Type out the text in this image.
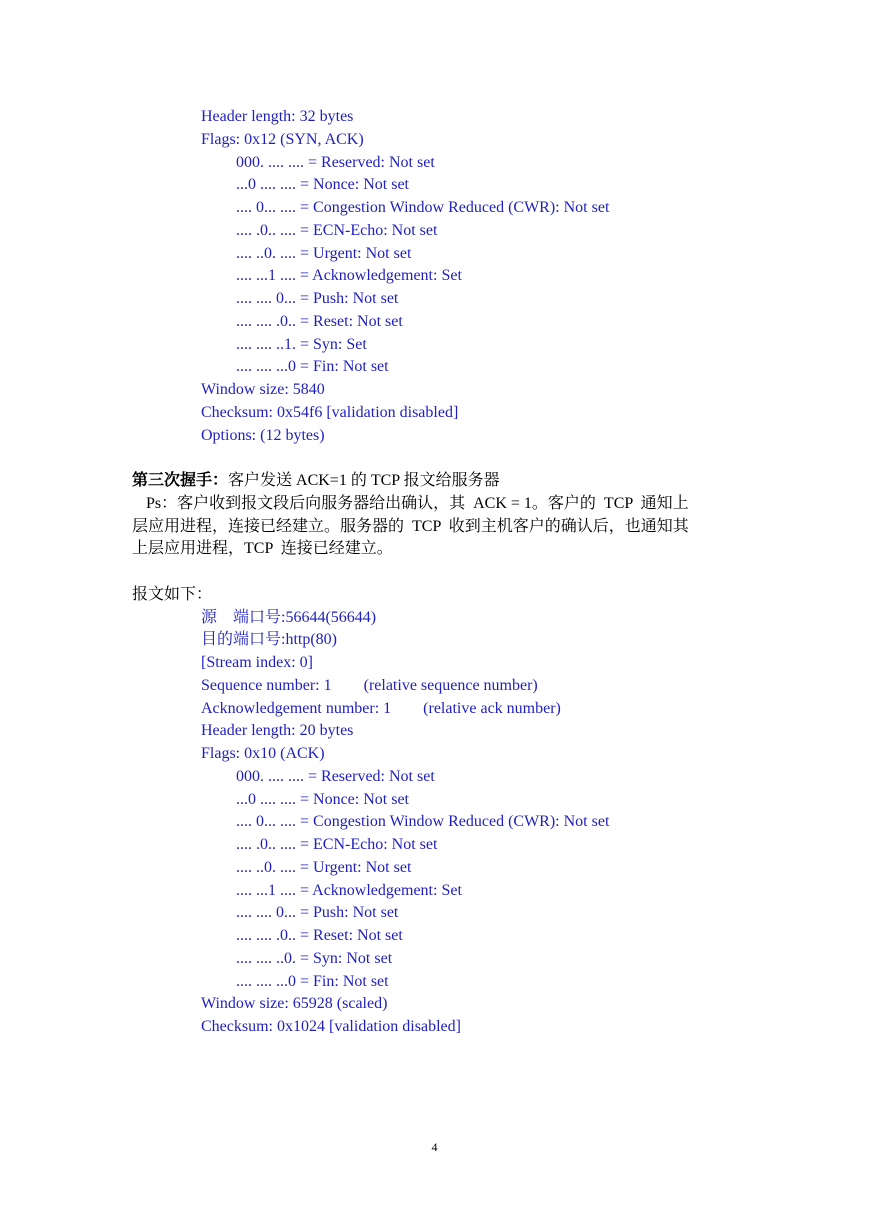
Header length: 32 bytes
Flags: 0x12 (SYN, ACK)
000. .... .... = Reserved: Not set
...0 .... .... = Nonce: Not set
.... 0... .... = Congestion Window Reduced (CWR): Not set
.... .0.. .... = ECN-Echo: Not set
.... ..0. .... = Urgent: Not set
.... ...1 .... = Acknowledgement: Set
.... .... 0... = Push: Not set
.... .... .0.. = Reset: Not set
.... .... ..1. = Syn: Set
.... .... ...0 = Fin: Not set
Window size: 5840
Checksum: 0x54f6 [validation disabled]
Options: (12 bytes)
第三次握手：客户发送 ACK=1 的 TCP 报文给服务器
Ps：客户收到报文段后向服务器给出确认，其  ACK = 1。客户的  TCP  通知上
层应用进程，连接已经建立。服务器的  TCP  收到主机客户的确认后，也通知其
上层应用进程，TCP  连接已经建立。
报文如下：
源    端口号:56644(56644)
目的端口号:http(80)
[Stream index: 0]
Sequence number: 1        (relative sequence number)
Acknowledgement number: 1        (relative ack number)
Header length: 20 bytes
Flags: 0x10 (ACK)
000. .... .... = Reserved: Not set
...0 .... .... = Nonce: Not set
.... 0... .... = Congestion Window Reduced (CWR): Not set
.... .0.. .... = ECN-Echo: Not set
.... ..0. .... = Urgent: Not set
.... ...1 .... = Acknowledgement: Set
.... .... 0... = Push: Not set
.... .... .0.. = Reset: Not set
.... .... ..0. = Syn: Not set
.... .... ...0 = Fin: Not set
Window size: 65928 (scaled)
Checksum: 0x1024 [validation disabled]
4
